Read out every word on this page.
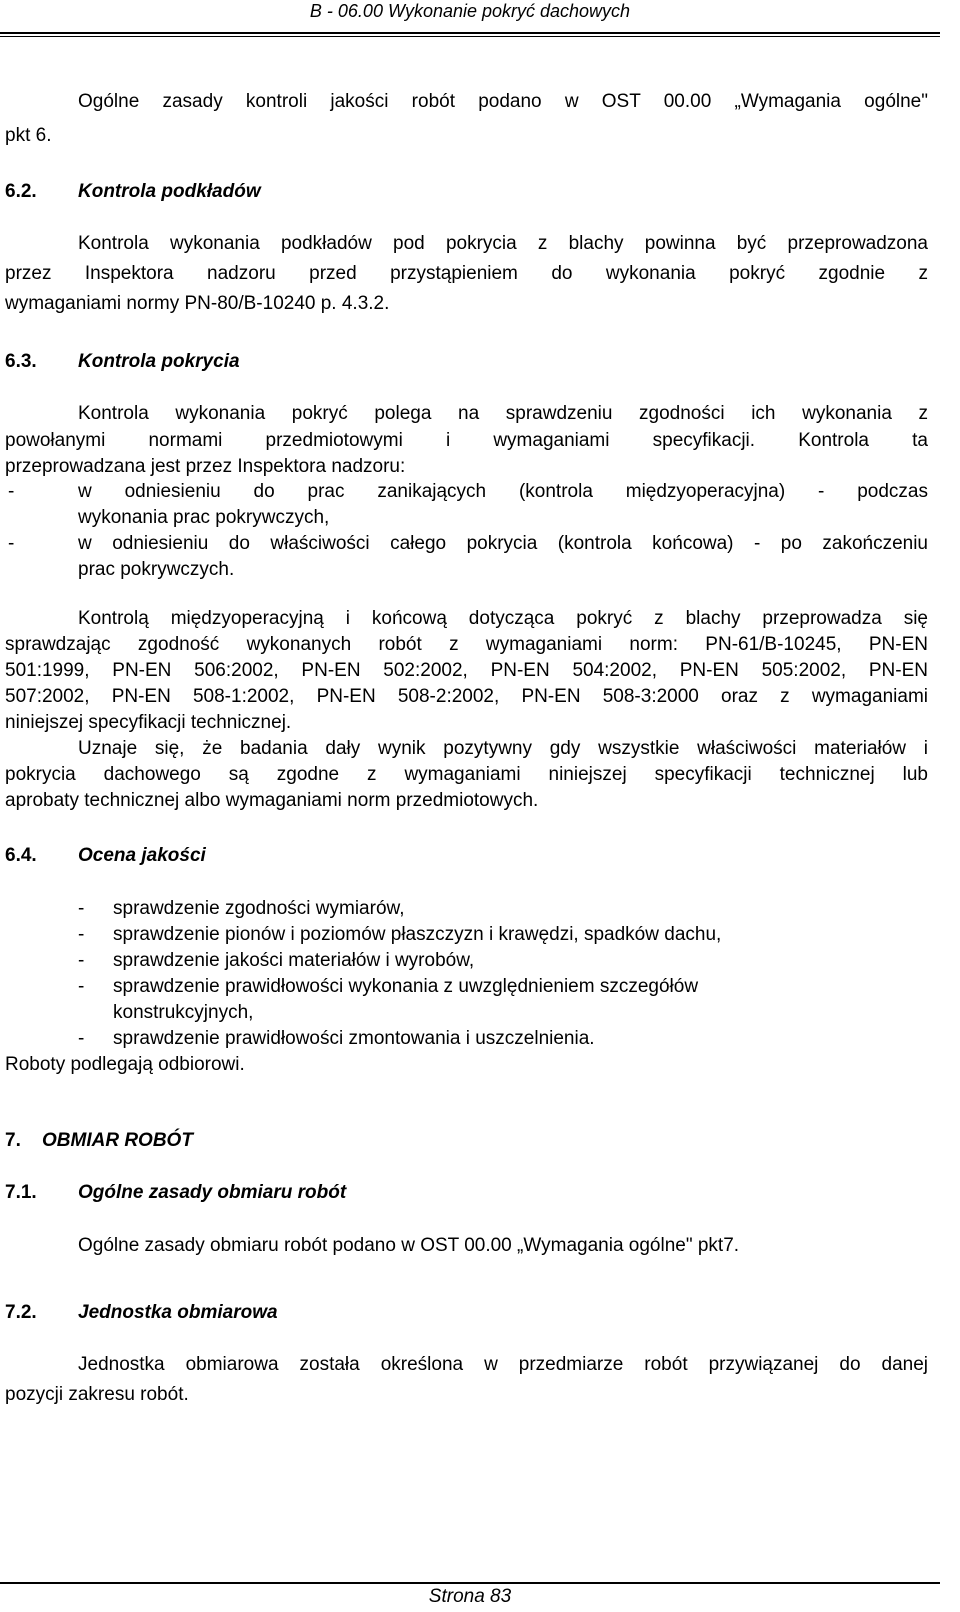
B - 06.00 Wykonanie pokryć dachowych
Ogólne zasady kontroli jakości robót podano w OST 00.00 „Wymagania ogólne"
pkt 6.
6.2. Kontrola podkładów
Kontrola wykonania podkładów pod pokrycia z blachy powinna być przeprowadzona
przez Inspektora nadzoru przed przystąpieniem do wykonania pokryć zgodnie z
wymaganiami normy PN-80/B-10240 p. 4.3.2.
6.3. Kontrola pokrycia
Kontrola wykonania pokryć polega na sprawdzeniu zgodności ich wykonania z
powołanymi normami przedmiotowymi i wymaganiami specyfikacji. Kontrola ta
przeprowadzana jest przez Inspektora nadzoru:
-	w odniesieniu do prac zanikających (kontrola międzyoperacyjna) - podczas
wykonania prac pokrywczych,
-	w odniesieniu do właściwości całego pokrycia (kontrola końcowa) - po zakończeniu
prac pokrywczych.
Kontrolą międzyoperacyjną i końcową dotycząca pokryć z blachy przeprowadza się
sprawdzając zgodność wykonanych robót z wymaganiami norm: PN-61/B-10245, PN-EN
501:1999, PN-EN 506:2002, PN-EN 502:2002, PN-EN 504:2002, PN-EN 505:2002, PN-EN
507:2002, PN-EN 508-1:2002, PN-EN 508-2:2002, PN-EN 508-3:2000 oraz z wymaganiami
niniejszej specyfikacji technicznej.
Uznaje się, że badania dały wynik pozytywny gdy wszystkie właściwości materiałów i
pokrycia dachowego są zgodne z wymaganiami niniejszej specyfikacji technicznej lub
aprobaty technicznej albo wymaganiami norm przedmiotowych.
6.4. Ocena jakości
- sprawdzenie zgodności wymiarów,
- sprawdzenie pionów i poziomów płaszczyzn i krawędzi, spadków dachu,
- sprawdzenie jakości materiałów i wyrobów,
- sprawdzenie prawidłowości wykonania z uwzględnieniem szczegółów
konstrukcyjnych,
- sprawdzenie prawidłowości zmontowania i uszczelnienia.
Roboty podlegają odbiorowi.
7. OBMIAR ROBÓT
7.1. Ogólne zasady obmiaru robót
Ogólne zasady obmiaru robót podano w OST 00.00 „Wymagania ogólne" pkt7.
7.2. Jednostka obmiarowa
Jednostka obmiarowa została określona w przedmiarze robót przywiązanej do danej
pozycji zakresu robót.
Strona 83
